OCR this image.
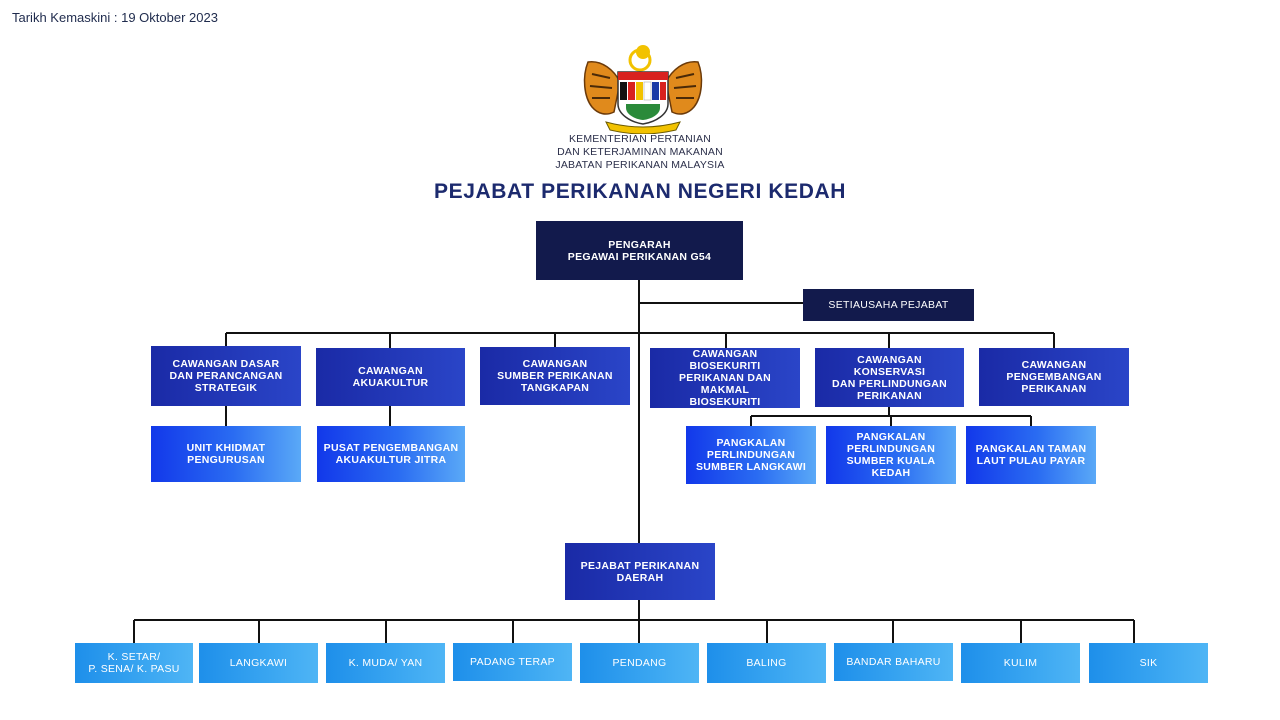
Tarikh Kemaskini : 19 Oktober 2023
KEMENTERIAN PERTANIAN
DAN KETERJAMINAN MAKANAN
JABATAN PERIKANAN MALAYSIA
PEJABAT PERIKANAN NEGERI KEDAH
PENGARAH
PEGAWAI PERIKANAN G54
SETIAUSAHA PEJABAT
CAWANGAN DASAR
DAN PERANCANGAN
STRATEGIK
CAWANGAN
AKUAKULTUR
CAWANGAN
SUMBER PERIKANAN
TANGKAPAN
CAWANGAN BIOSEKURITI
PERIKANAN DAN MAKMAL
BIOSEKURITI
CAWANGAN KONSERVASI
DAN PERLINDUNGAN
PERIKANAN
CAWANGAN
PENGEMBANGAN
PERIKANAN
UNIT KHIDMAT
PENGURUSAN
PUSAT PENGEMBANGAN
AKUAKULTUR JITRA
PANGKALAN
PERLINDUNGAN
SUMBER LANGKAWI
PANGKALAN
PERLINDUNGAN
SUMBER KUALA
KEDAH
PANGKALAN TAMAN
LAUT PULAU PAYAR
PEJABAT PERIKANAN
DAERAH
K. SETAR/
P. SENA/ K. PASU	LANGKAWI	K. MUDA/ YAN	PADANG TERAP	PENDANG	BALING	BANDAR BAHARU	KULIM	SIK
